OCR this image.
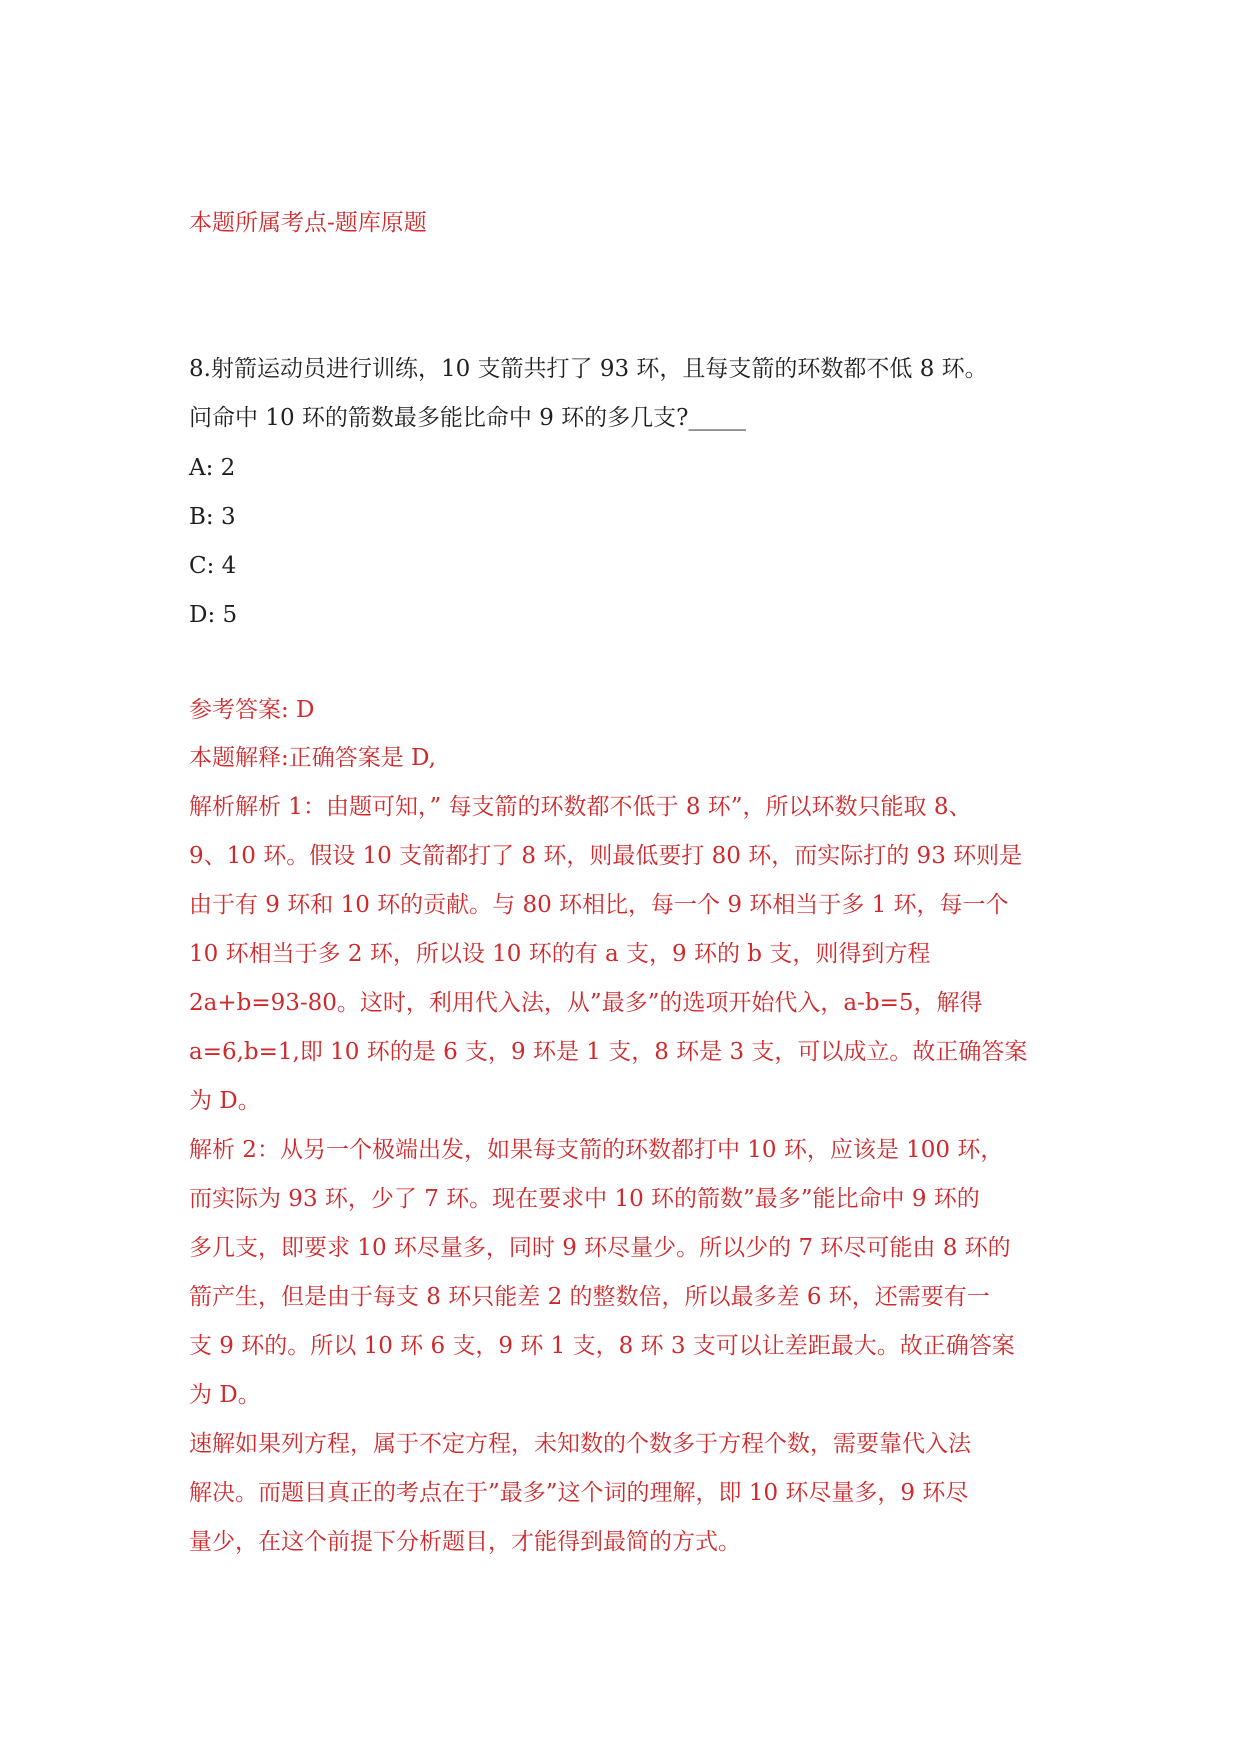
本题所属考点-题库原题

8.射箭运动员进行训练，10 支箭共打了 93 环，且每支箭的环数都不低 8 环。
问命中 10 环的箭数最多能比命中 9 环的多几支?_____
A: 2
B: 3
C: 4
D: 5

参考答案: D

本题解释:正确答案是 D,
解析解析 1：由题可知，” 每支箭的环数都不低于 8 环”，所以环数只能取 8、
9、10 环。假设 10 支箭都打了 8 环，则最低要打 80 环，而实际打的 93 环则是
由于有 9 环和 10 环的贡献。与 80 环相比，每一个 9 环相当于多 1 环，每一个
10 环相当于多 2 环，所以设 10 环的有 a 支，9 环的 b 支，则得到方程
2a+b=93-80。这时，利用代入法，从”最多”的选项开始代入，a-b=5，解得
a=6,b=1,即 10 环的是 6 支，9 环是 1 支，8 环是 3 支，可以成立。故正确答案
为 D。
解析 2：从另一个极端出发，如果每支箭的环数都打中 10 环，应该是 100 环，
而实际为 93 环，少了 7 环。现在要求中 10 环的箭数”最多”能比命中 9 环的
多几支，即要求 10 环尽量多，同时 9 环尽量少。所以少的 7 环尽可能由 8 环的
箭产生，但是由于每支 8 环只能差 2 的整数倍，所以最多差 6 环，还需要有一
支 9 环的。所以 10 环 6 支，9 环 1 支，8 环 3 支可以让差距最大。故正确答案
为 D。
速解如果列方程，属于不定方程，未知数的个数多于方程个数，需要靠代入法
解决。而题目真正的考点在于”最多”这个词的理解，即 10 环尽量多，9 环尽
量少，在这个前提下分析题目，才能得到最简的方式。
